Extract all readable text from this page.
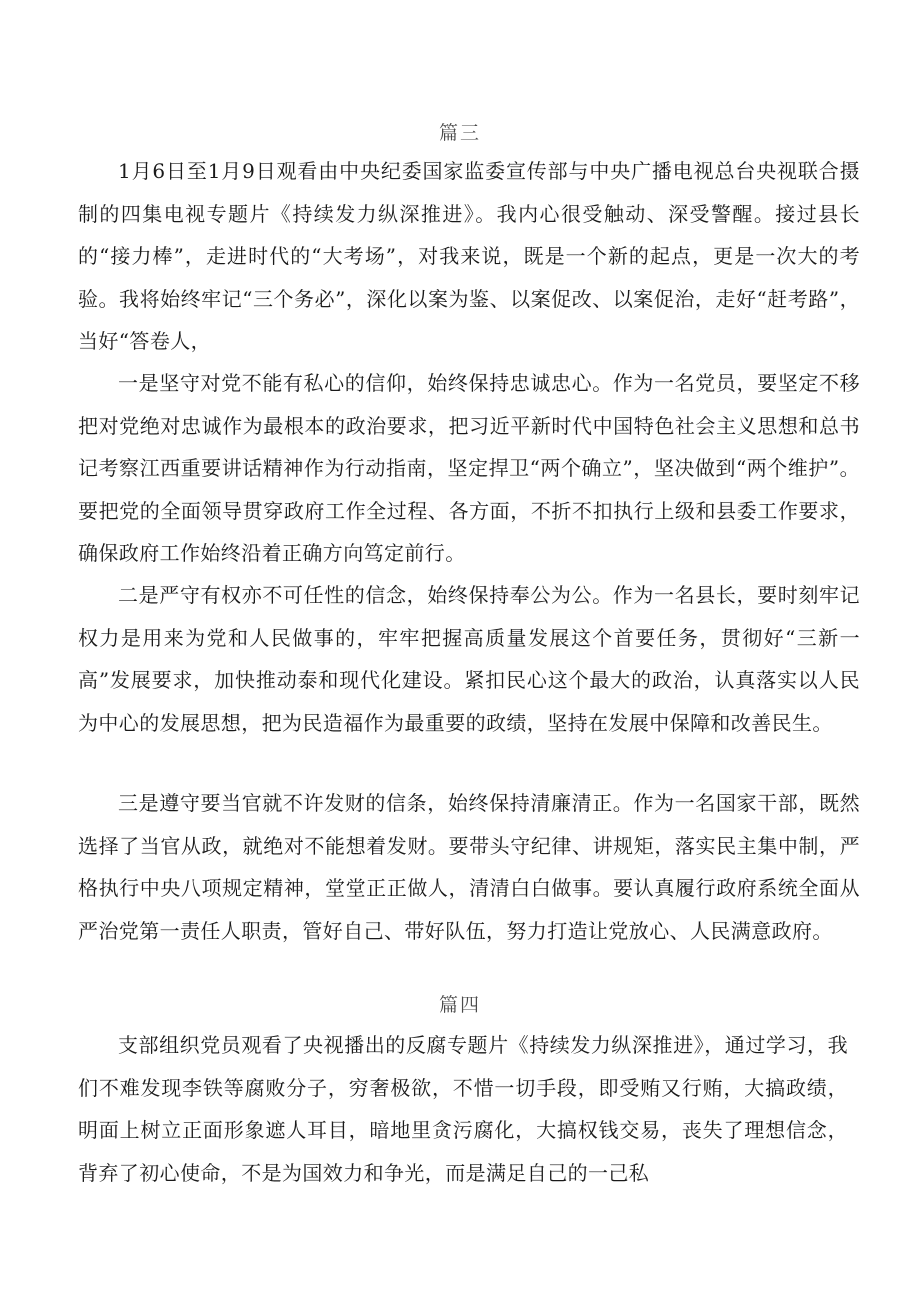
篇三
1月6日至1月9日观看由中央纪委国家监委宣传部与中央广播电视总台央视联合摄制的四集电视专题片《持续发力纵深推进》。我内心很受触动、深受警醒。接过县长的“接力棒”，走进时代的“大考场”，对我来说，既是一个新的起点，更是一次大的考验。我将始终牢记“三个务必”，深化以案为鉴、以案促改、以案促治，走好“赶考路”，当好“答卷人，
一是坚守对党不能有私心的信仰，始终保持忠诚忠心。作为一名党员，要坚定不移把对党绝对忠诚作为最根本的政治要求，把习近平新时代中国特色社会主义思想和总书记考察江西重要讲话精神作为行动指南，坚定捍卫“两个确立”，坚决做到“两个维护”。要把党的全面领导贯穿政府工作全过程、各方面，不折不扣执行上级和县委工作要求，确保政府工作始终沿着正确方向笃定前行。
二是严守有权亦不可任性的信念，始终保持奉公为公。作为一名县长，要时刻牢记权力是用来为党和人民做事的，牢牢把握高质量发展这个首要任务，贯彻好“三新一高”发展要求，加快推动泰和现代化建设。紧扣民心这个最大的政治，认真落实以人民为中心的发展思想，把为民造福作为最重要的政绩，坚持在发展中保障和改善民生。
三是遵守要当官就不许发财的信条，始终保持清廉清正。作为一名国家干部，既然选择了当官从政，就绝对不能想着发财。要带头守纪律、讲规矩，落实民主集中制，严格执行中央八项规定精神，堂堂正正做人，清清白白做事。要认真履行政府系统全面从严治党第一责任人职责，管好自己、带好队伍，努力打造让党放心、人民满意政府。
篇四
支部组织党员观看了央视播出的反腐专题片《持续发力纵深推进》，通过学习，我们不难发现李铁等腐败分子，穷奢极欲，不惜一切手段，即受贿又行贿，大搞政绩，明面上树立正面形象遮人耳目，暗地里贪污腐化，大搞权钱交易，丧失了理想信念，背弃了初心使命，不是为国效力和争光，而是满足自己的一己私
